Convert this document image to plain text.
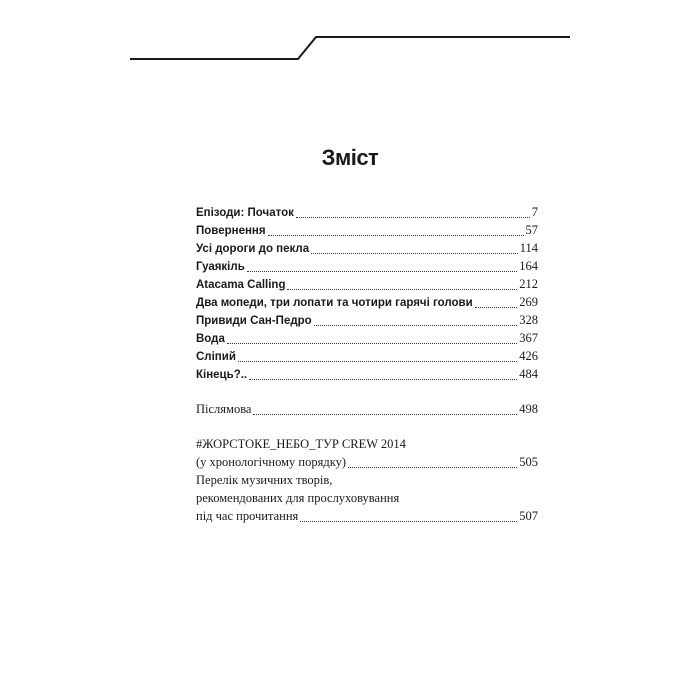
Зміст
Епізоди: Початок	7
Повернення	57
Усі дороги до пекла	114
Гуаякіль	164
Atacama Calling	212
Два мопеди, три лопати та чотири гарячі голови	269
Привиди Сан-Педро	328
Вода	367
Сліпий	426
Кінець?..	484
Післямова	498
#ЖОРСТОКЕ_НЕБО_ТУР CREW 2014
(у хронологічному порядку)	505
Перелік музичних творів,
рекомендованих для прослуховування
під час прочитання	507
